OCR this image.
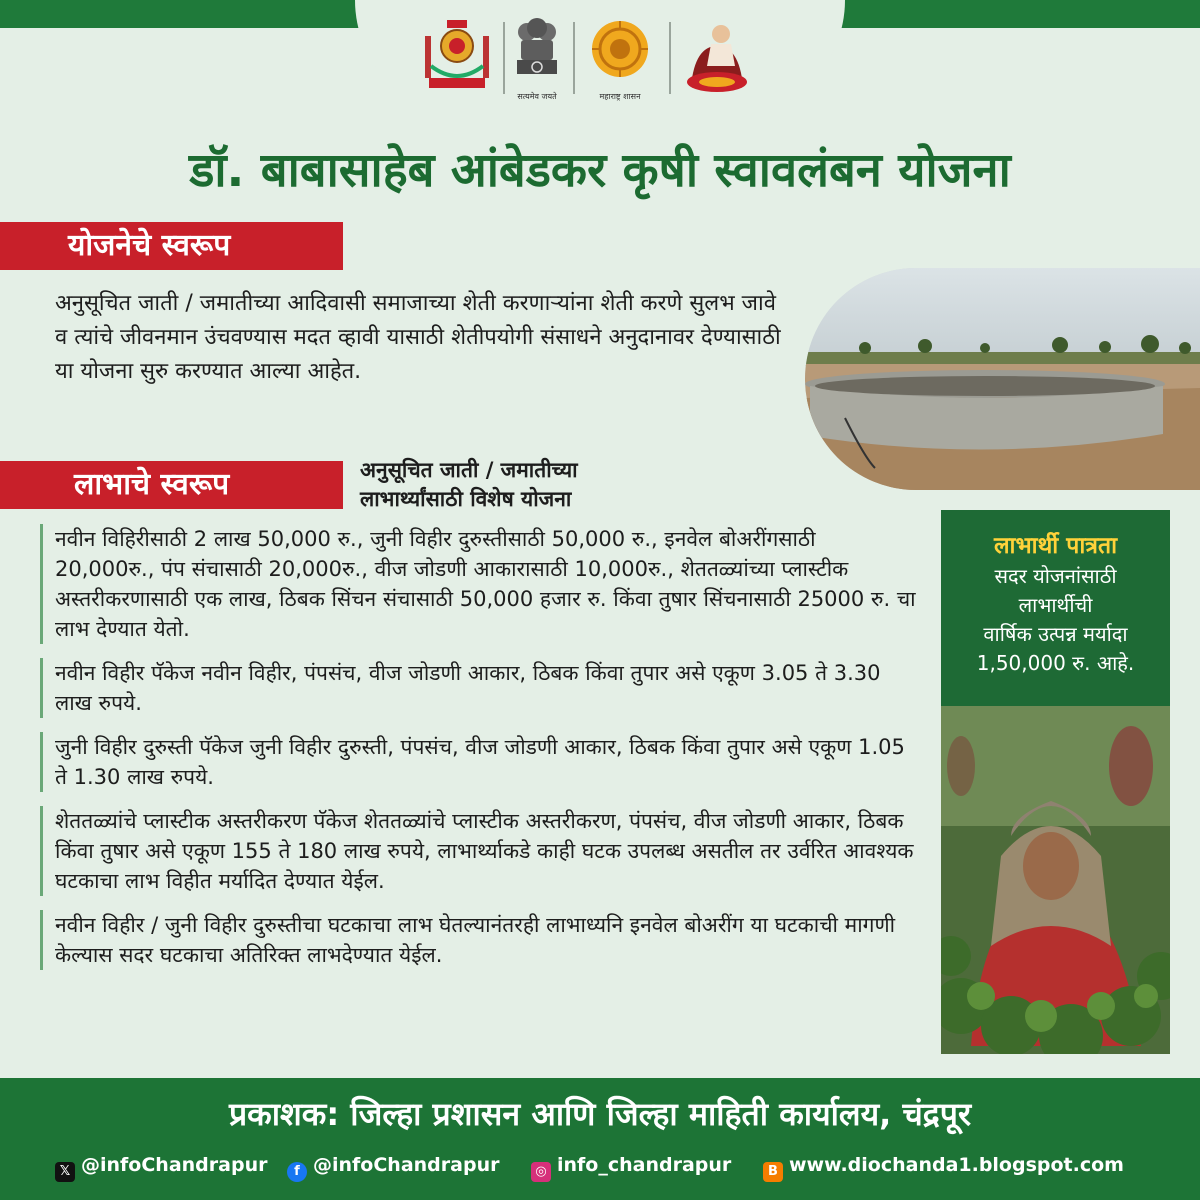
सत्यमेव जयते	महाराष्ट्र शासन
डॉ. बाबासाहेब आंबेडकर कृषी स्वावलंबन योजना
योजनेचे स्वरूप
अनुसूचित जाती / जमातीच्या आदिवासी समाजाच्या शेती करणाऱ्यांना शेती करणे सुलभ जावे व त्यांचे जीवनमान उंचवण्यास मदत व्हावी यासाठी शेतीपयोगी संसाधने अनुदानावर देण्यासाठी या योजना सुरु करण्यात आल्या आहेत.
लाभाचे स्वरूप	अनुसूचित जाती / जमातीच्या
लाभार्थ्यांसाठी विशेष योजना
नवीन विहिरीसाठी 2 लाख 50,000 रु., जुनी विहीर दुरुस्तीसाठी 50,000 रु., इनवेल बोअरींगसाठी 20,000रु., पंप संचासाठी 20,000रु., वीज जोडणी आकारासाठी 10,000रु., शेततळ्यांच्या प्लास्टीक अस्तरीकरणासाठी एक लाख, ठिबक सिंचन संचासाठी 50,000 हजार रु. किंवा तुषार सिंचनासाठी 25000 रु. चा लाभ देण्यात येतो.
नवीन विहीर पॅकेज नवीन विहीर, पंपसंच, वीज जोडणी आकार, ठिबक किंवा तुपार असे एकूण 3.05 ते 3.30 लाख रुपये.
जुनी विहीर दुरुस्ती पॅकेज जुनी विहीर दुरुस्ती, पंपसंच, वीज जोडणी आकार, ठिबक किंवा तुपार असे एकूण 1.05 ते 1.30 लाख रुपये.
शेततळ्यांचे प्लास्टीक अस्तरीकरण पॅकेज शेततळ्यांचे प्लास्टीक अस्तरीकरण, पंपसंच, वीज जोडणी आकार, ठिबक किंवा तुषार असे एकूण 155 ते 180 लाख रुपये, लाभार्थ्याकडे काही घटक उपलब्ध असतील तर उर्वरित आवश्यक घटकाचा लाभ विहीत मर्यादित देण्यात येईल.
नवीन विहीर / जुनी विहीर दुरुस्तीचा घटकाचा लाभ घेतल्यानंतरही लाभाध्यनि इनवेल बोअरींग या घटकाची मागणी केल्यास सदर घटकाचा अतिरिक्त लाभदेण्यात येईल.
लाभार्थी पात्रता
सदर योजनांसाठी
लाभार्थीची
वार्षिक उत्पन्न मर्यादा
1,50,000 रु. आहे.
प्रकाशक: जिल्हा प्रशासन आणि जिल्हा माहिती कार्यालय, चंद्रपूर
𝕏 @infoChandrapur	f @infoChandrapur	◎ info_chandrapur	B www.diochanda1.blogspot.com
